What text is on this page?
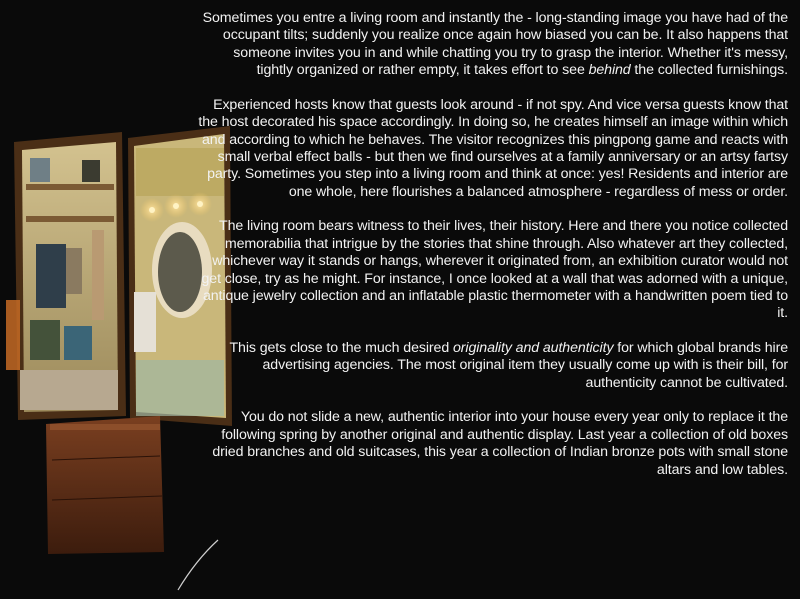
Sometimes you entre a living room and instantly the - long-standing image you have had of the occupant tilts; suddenly you realize once again how biased you can be. It also happens that someone invites you in and while chatting you try to grasp the interior. Whether it's messy, tightly organized or rather empty, it takes effort to see behind the collected furnishings.

Experienced hosts know that guests look around - if not spy. And vice versa guests know that the host decorated his space accordingly. In doing so, he creates himself an image within which and according to which he behaves. The visitor recognizes this pingpong game and reacts with small verbal effect balls - but then we find ourselves at a family anniversary or an artsy fartsy party. Sometimes you step into a living room and think at once: yes! Residents and interior are one whole, here flourishes a balanced atmosphere - regardless of mess or order.

The living room bears witness to their lives, their history. Here and there you notice collected memorabilia that intrigue by the stories that shine through. Also whatever art they collected, whichever way it stands or hangs, wherever it originated from, an exhibition curator would not get close, try as he might. For instance, I once looked at a wall that was adorned with a unique, antique jewelry collection and an inflatable plastic thermometer with a handwritten poem tied to it.

This gets close to the much desired originality and authenticity for which global brands hire advertising agencies. The most original item they usually come up with is their bill, for authenticity cannot be cultivated.

You do not slide a new, authentic interior into your house every year only to replace it the following spring by another original and authentic display. Last year a collection of old boxes dried branches and old suitcases, this year a collection of Indian bronze pots with small stone altars and low tables.
